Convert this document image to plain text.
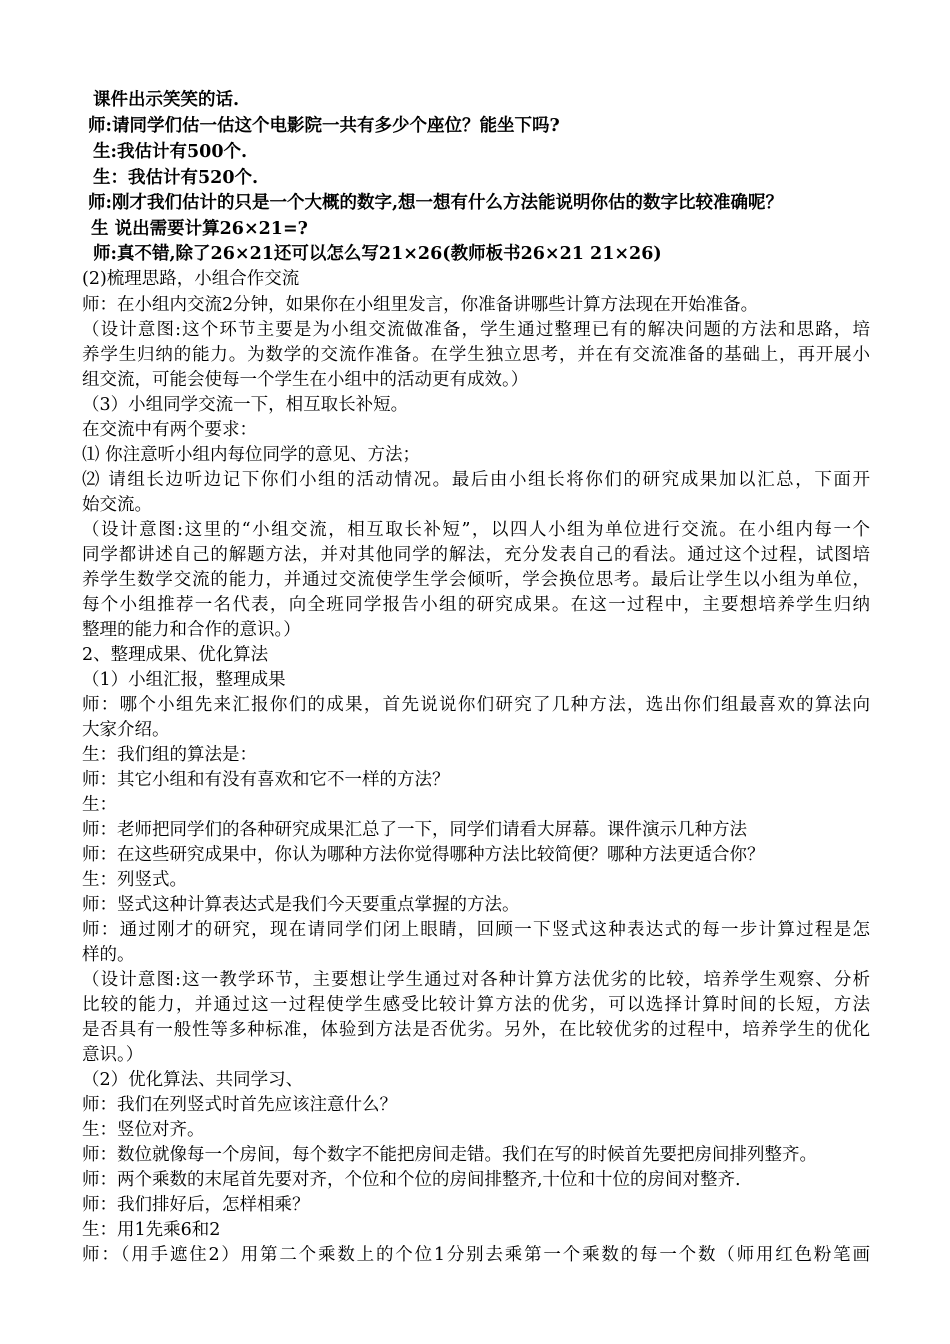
课件出示笑笑的话.
师:请同学们估一估这个电影院一共有多少个座位？能坐下吗?
生:我估计有500个.
生：我估计有520个.
师:刚才我们估计的只是一个大概的数字,想一想有什么方法能说明你估的数字比较准确呢？
生 说出需要计算26×21=?
师:真不错,除了26×21还可以怎么写21×26(教师板书26×21 21×26)
(2)梳理思路，小组合作交流
师：在小组内交流2分钟，如果你在小组里发言，你准备讲哪些计算方法现在开始准备。
（设计意图:这个环节主要是为小组交流做准备，学生通过整理已有的解决问题的方法和思路，培
养学生归纳的能力。为数学的交流作准备。在学生独立思考，并在有交流准备的基础上，再开展小
组交流，可能会使每一个学生在小组中的活动更有成效。）
（3）小组同学交流一下，相互取长补短。
在交流中有两个要求：
⑴ 你注意听小组内每位同学的意见、方法；
⑵ 请组长边听边记下你们小组的活动情况。最后由小组长将你们的研究成果加以汇总，下面开
始交流。
（设计意图:这里的“小组交流，相互取长补短”，以四人小组为单位进行交流。在小组内每一个
同学都讲述自己的解题方法，并对其他同学的解法，充分发表自己的看法。通过这个过程，试图培
养学生数学交流的能力，并通过交流使学生学会倾听，学会换位思考。最后让学生以小组为单位，
每个小组推荐一名代表，向全班同学报告小组的研究成果。在这一过程中，主要想培养学生归纳
整理的能力和合作的意识。）
2、整理成果、优化算法
（1）小组汇报，整理成果
师：哪个小组先来汇报你们的成果，首先说说你们研究了几种方法，选出你们组最喜欢的算法向
大家介绍。
生：我们组的算法是：
师：其它小组和有没有喜欢和它不一样的方法？
生：
师：老师把同学们的各种研究成果汇总了一下，同学们请看大屏幕。课件演示几种方法
师：在这些研究成果中，你认为哪种方法你觉得哪种方法比较简便？哪种方法更适合你？
生：列竖式。
师：竖式这种计算表达式是我们今天要重点掌握的方法。
师：通过刚才的研究，现在请同学们闭上眼睛，回顾一下竖式这种表达式的每一步计算过程是怎
样的。
（设计意图:这一教学环节，主要想让学生通过对各种计算方法优劣的比较，培养学生观察、分析
比较的能力，并通过这一过程使学生感受比较计算方法的优劣，可以选择计算时间的长短，方法
是否具有一般性等多种标准，体验到方法是否优劣。另外，在比较优劣的过程中，培养学生的优化
意识。）
（2）优化算法、共同学习、
师：我们在列竖式时首先应该注意什么？
生：竖位对齐。
师：数位就像每一个房间，每个数字不能把房间走错。我们在写的时候首先要把房间排列整齐。
师：两个乘数的末尾首先要对齐，个位和个位的房间排整齐,十位和十位的房间对整齐.
师：我们排好后，怎样相乘？
生：用1先乘6和2
师：（用手遮住2）用第二个乘数上的个位1分别去乘第一个乘数的每一个数（师用红色粉笔画
